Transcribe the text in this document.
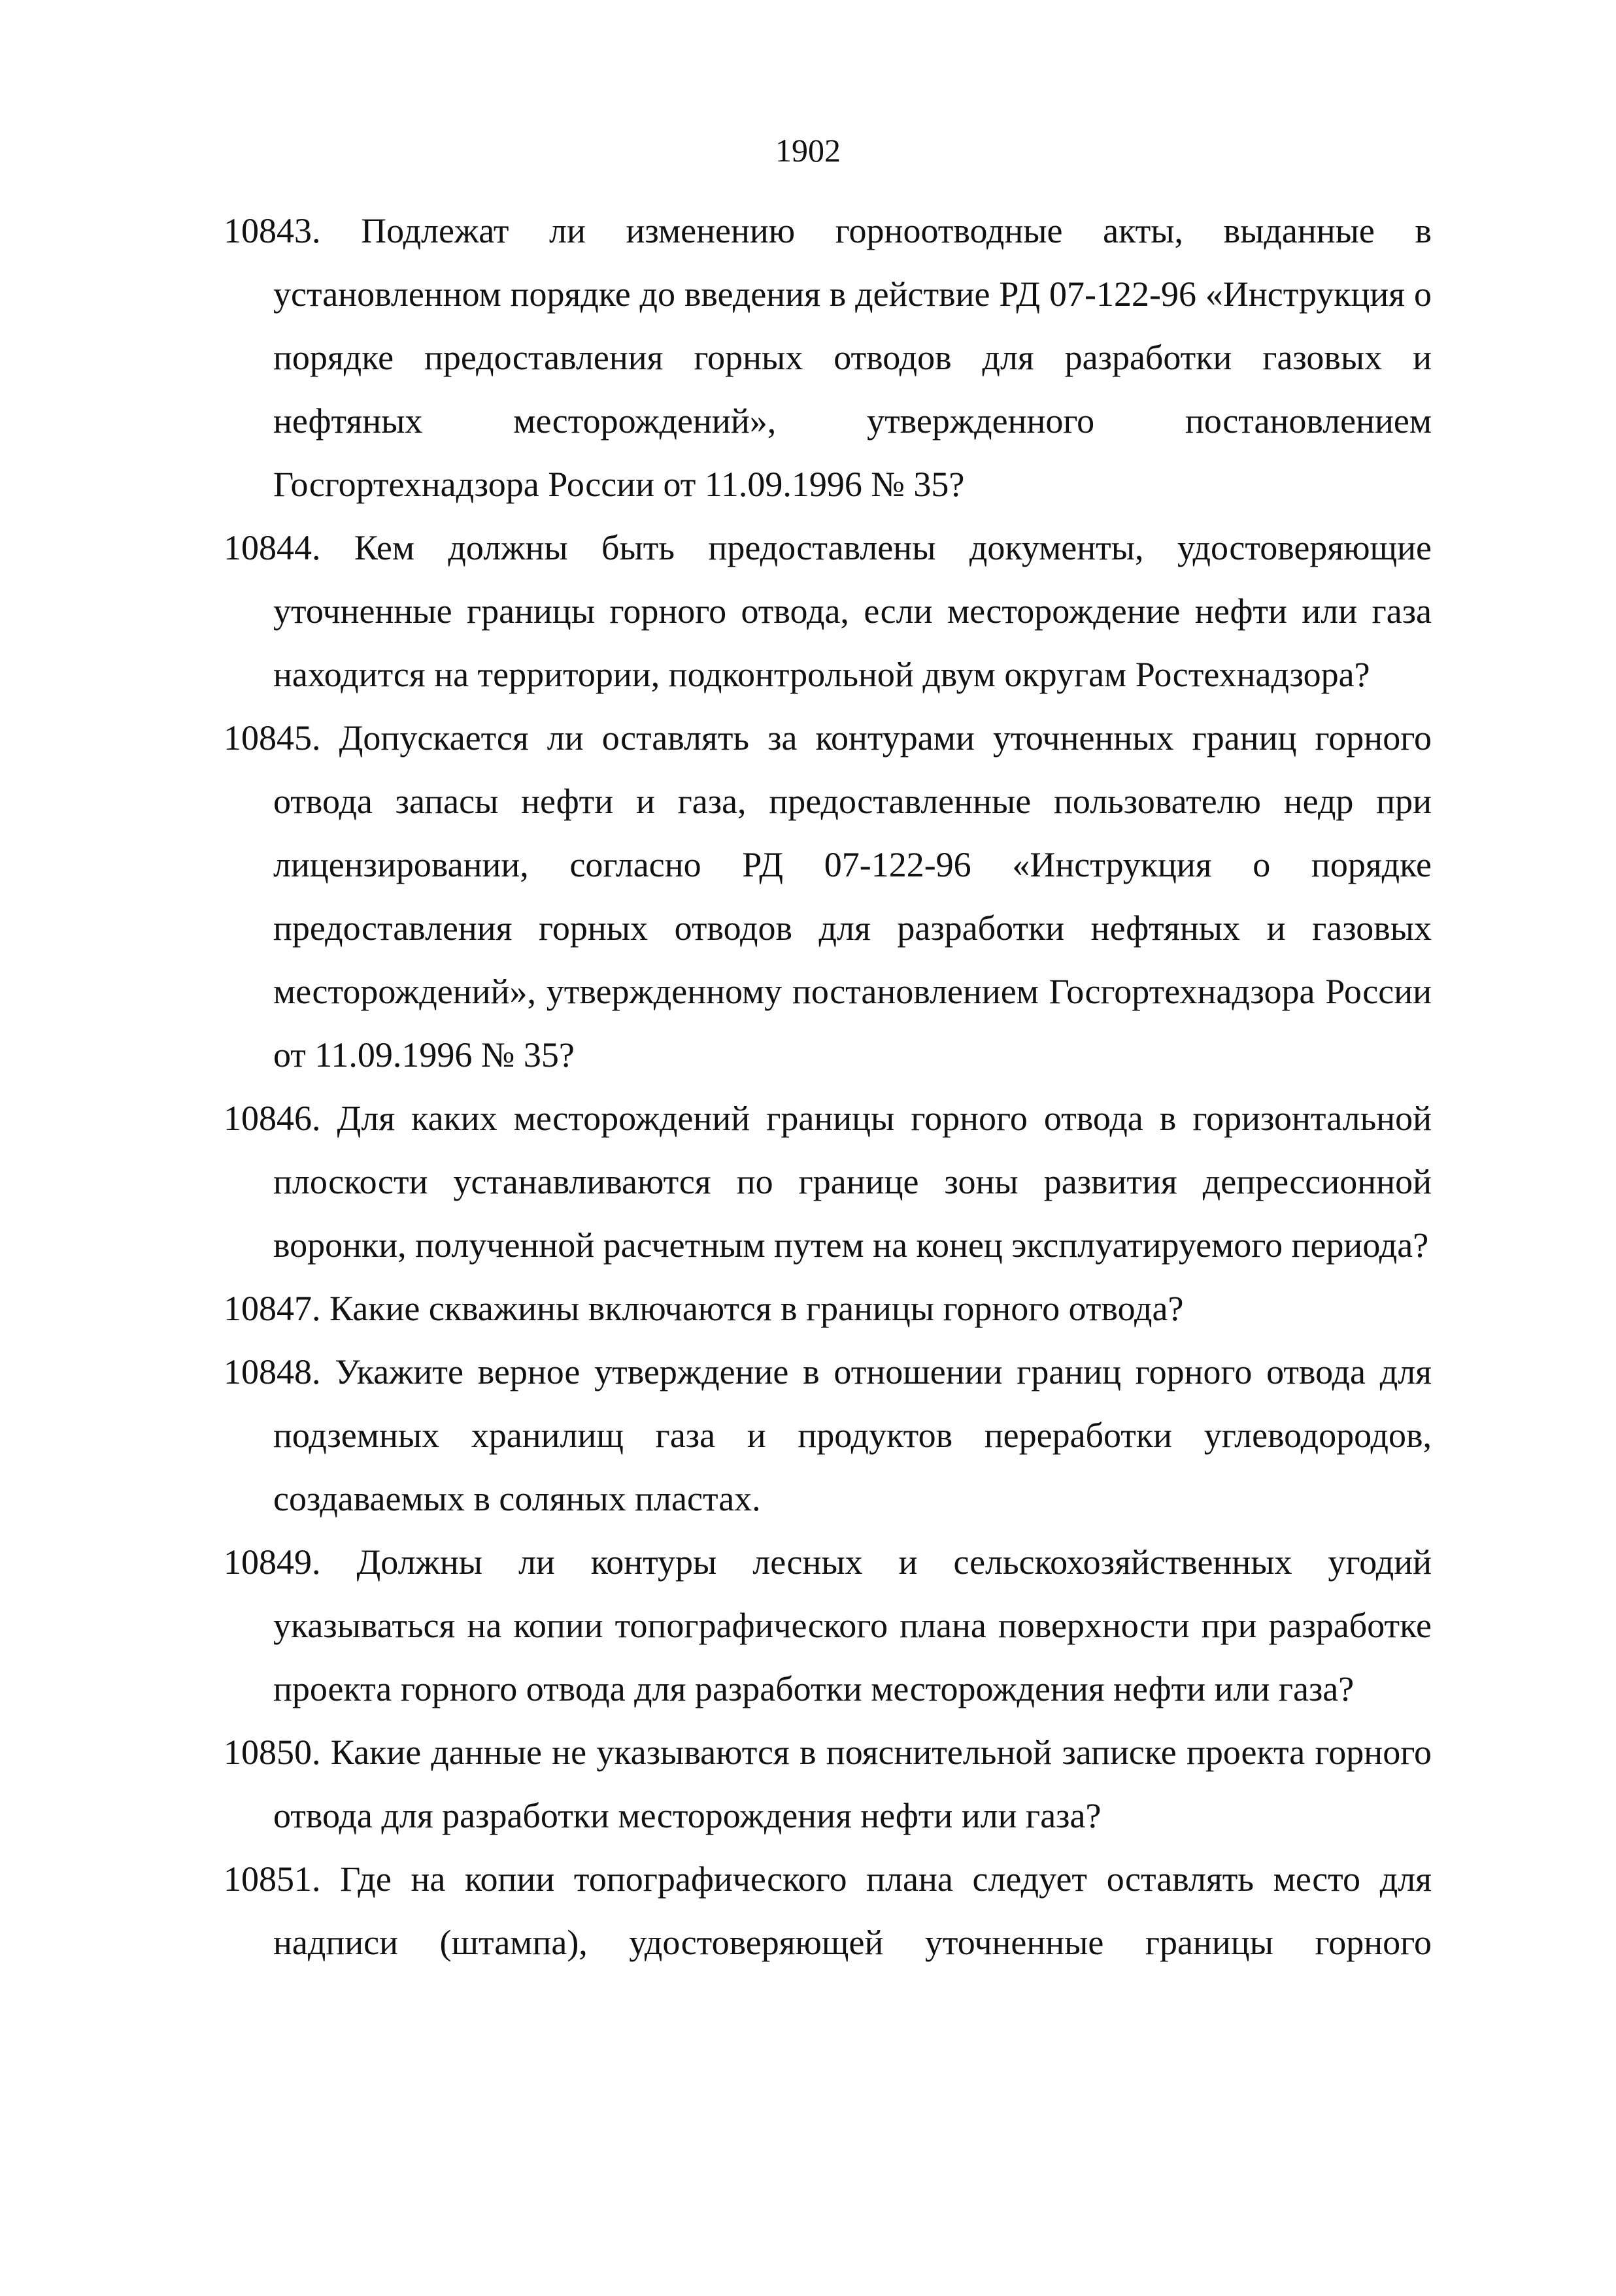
1902

10843. Подлежат ли изменению горноотводные акты, выданные в установленном порядке до введения в действие РД 07-122-96 «Инструкция о порядке предоставления горных отводов для разработки газовых и нефтяных месторождений», утвержденного постановлением Госгортехнадзора России от 11.09.1996 № 35?

10844. Кем должны быть предоставлены документы, удостоверяющие уточненные границы горного отвода, если месторождение нефти или газа находится на территории, подконтрольной двум округам Ростехнадзора?

10845. Допускается ли оставлять за контурами уточненных границ горного отвода запасы нефти и газа, предоставленные пользователю недр при лицензировании, согласно РД 07-122-96 «Инструкция о порядке предоставления горных отводов для разработки нефтяных и газовых месторождений», утвержденному постановлением Госгортехнадзора России от 11.09.1996 № 35?

10846. Для каких месторождений границы горного отвода в горизонтальной плоскости устанавливаются по границе зоны развития депрессионной воронки, полученной расчетным путем на конец эксплуатируемого периода?

10847. Какие скважины включаются в границы горного отвода?

10848. Укажите верное утверждение в отношении границ горного отвода для подземных хранилищ газа и продуктов переработки углеводородов, создаваемых в соляных пластах.

10849. Должны ли контуры лесных и сельскохозяйственных угодий указываться на копии топографического плана поверхности при разработке проекта горного отвода для разработки месторождения нефти или газа?

10850. Какие данные не указываются в пояснительной записке проекта горного отвода для разработки месторождения нефти или газа?

10851. Где на копии топографического плана следует оставлять место для надписи (штампа), удостоверяющей уточненные границы горного
